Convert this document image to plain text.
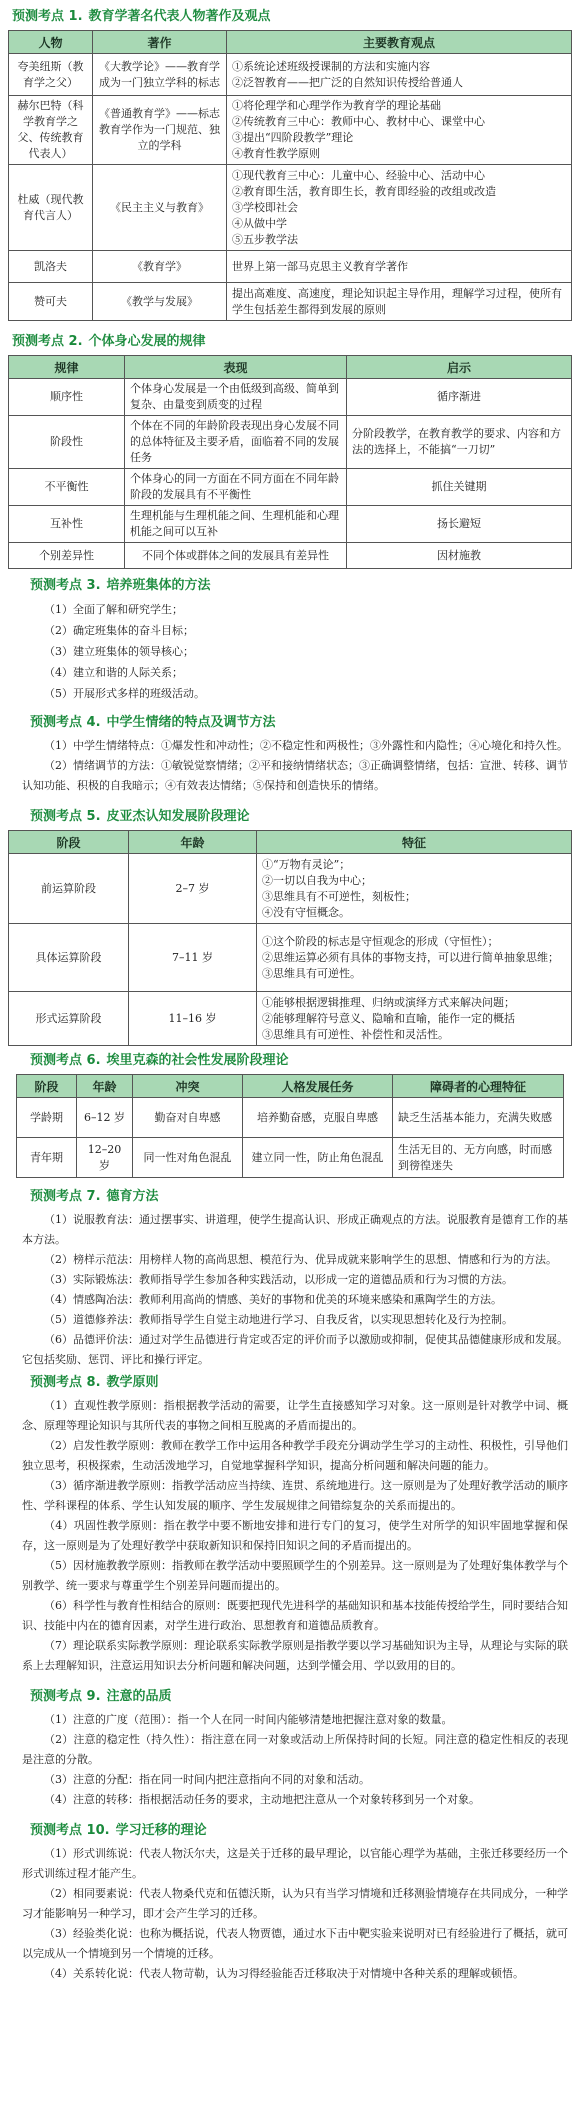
预测考点 1. 教育学著名代表人物著作及观点
人物	著作	主要教育观点
夸美纽斯（教育学之父）	《大教学论》——教育学成为一门独立学科的标志	①系统论述班级授课制的方法和实施内容
②泛智教育——把广泛的自然知识传授给普通人
赫尔巴特（科学教育学之父、传统教育代表人）	《普通教育学》——标志教育学作为一门规范、独立的学科	①将伦理学和心理学作为教育学的理论基础
②传统教育三中心：教师中心、教材中心、课堂中心
③提出“四阶段教学”理论
④教育性教学原则
杜威（现代教育代言人）	《民主主义与教育》	①现代教育三中心：儿童中心、经验中心、活动中心
②教育即生活，教育即生长，教育即经验的改组或改造
③学校即社会
④从做中学
⑤五步教学法
凯洛夫	《教育学》	世界上第一部马克思主义教育学著作
赞可夫	《教学与发展》	提出高难度、高速度，理论知识起主导作用，理解学习过程，使所有学生包括差生都得到发展的原则
预测考点 2. 个体身心发展的规律
规律	表现	启示
顺序性	个体身心发展是一个由低级到高级、简单到复杂、由量变到质变的过程	循序渐进
阶段性	个体在不同的年龄阶段表现出身心发展不同的总体特征及主要矛盾，面临着不同的发展任务	分阶段教学，在教育教学的要求、内容和方法的选择上，不能搞“一刀切”
不平衡性	个体身心的同一方面在不同方面在不同年龄阶段的发展具有不平衡性	抓住关键期
互补性	生理机能与生理机能之间、生理机能和心理机能之间可以互补	扬长避短
个别差异性	不同个体或群体之间的发展具有差异性	因材施教
预测考点 3. 培养班集体的方法

（1）全面了解和研究学生；

（2）确定班集体的奋斗目标；

（3）建立班集体的领导核心；

（4）建立和谐的人际关系；

（5）开展形式多样的班级活动。

预测考点 4. 中学生情绪的特点及调节方法

（1）中学生情绪特点：①爆发性和冲动性；②不稳定性和两极性；③外露性和内隐性；④心境化和持久性。

（2）情绪调节的方法：①敏锐觉察情绪；②平和接纳情绪状态；③正确调整情绪，包括：宣泄、转移、调节认知功能、积极的自我暗示；④有效表达情绪；⑤保持和创造快乐的情绪。

预测考点 5. 皮亚杰认知发展阶段理论
阶段	年龄	特征
前运算阶段	2–7 岁	①“万物有灵论”；
②一切以自我为中心；
③思维具有不可逆性，刻板性；
④没有守恒概念。
具体运算阶段	7–11 岁	①这个阶段的标志是守恒观念的形成（守恒性）；
②思维运算必须有具体的事物支持，可以进行简单抽象思维；
③思维具有可逆性。
形式运算阶段	11–16 岁	①能够根据逻辑推理、归纳或演绎方式来解决问题；
②能够理解符号意义、隐喻和直喻，能作一定的概括
③思维具有可逆性、补偿性和灵活性。
预测考点 6. 埃里克森的社会性发展阶段理论
阶段	年龄	冲突	人格发展任务	障碍者的心理特征
学龄期	6–12 岁	勤奋对自卑感	培养勤奋感，克服自卑感	缺乏生活基本能力，充满失败感
青年期	12–20 岁	同一性对角色混乱	建立同一性，防止角色混乱	生活无目的、无方向感，时而感到徬徨迷失
预测考点 7. 德育方法

（1）说服教育法：通过摆事实、讲道理，使学生提高认识、形成正确观点的方法。说服教育是德育工作的基本方法。

（2）榜样示范法：用榜样人物的高尚思想、模范行为、优异成就来影响学生的思想、情感和行为的方法。

（3）实际锻炼法：教师指导学生参加各种实践活动，以形成一定的道德品质和行为习惯的方法。

（4）情感陶冶法：教师利用高尚的情感、美好的事物和优美的环境来感染和熏陶学生的方法。

（5）道德修养法：教师指导学生自觉主动地进行学习、自我反省，以实现思想转化及行为控制。

（6）品德评价法：通过对学生品德进行肯定或否定的评价而予以激励或抑制，促使其品德健康形成和发展。它包括奖励、惩罚、评比和操行评定。

预测考点 8. 教学原则

（1）直观性教学原则：指根据教学活动的需要，让学生直接感知学习对象。这一原则是针对教学中词、概念、原理等理论知识与其所代表的事物之间相互脱离的矛盾而提出的。

（2）启发性教学原则：教师在教学工作中运用各种教学手段充分调动学生学习的主动性、积极性，引导他们独立思考，积极探索，生动活泼地学习，自觉地掌握科学知识，提高分析问题和解决问题的能力。

（3）循序渐进教学原则：指教学活动应当持续、连贯、系统地进行。这一原则是为了处理好教学活动的顺序性、学科课程的体系、学生认知发展的顺序、学生发展规律之间错综复杂的关系而提出的。

（4）巩固性教学原则：指在教学中要不断地安排和进行专门的复习，使学生对所学的知识牢固地掌握和保存，这一原则是为了处理好教学中获取新知识和保持旧知识之间的矛盾而提出的。

（5）因材施教教学原则：指教师在教学活动中要照顾学生的个别差异。这一原则是为了处理好集体教学与个别教学、统一要求与尊重学生个别差异问题而提出的。

（6）科学性与教育性相结合的原则：既要把现代先进科学的基础知识和基本技能传授给学生，同时要结合知识、技能中内在的德育因素，对学生进行政治、思想教育和道德品质教育。

（7）理论联系实际教学原则：理论联系实际教学原则是指教学要以学习基础知识为主导，从理论与实际的联系上去理解知识，注意运用知识去分析问题和解决问题，达到学懂会用、学以致用的目的。

预测考点 9. 注意的品质

（1）注意的广度（范围）：指一个人在同一时间内能够清楚地把握注意对象的数量。

（2）注意的稳定性（持久性）：指注意在同一对象或活动上所保持时间的长短。同注意的稳定性相反的表现是注意的分散。

（3）注意的分配：指在同一时间内把注意指向不同的对象和活动。

（4）注意的转移：指根据活动任务的要求，主动地把注意从一个对象转移到另一个对象。

预测考点 10. 学习迁移的理论

（1）形式训练说：代表人物沃尔夫，这是关于迁移的最早理论，以官能心理学为基础，主张迁移要经历一个形式训练过程才能产生。

（2）相同要素说：代表人物桑代克和伍德沃斯，认为只有当学习情境和迁移测验情境存在共同成分，一种学习才能影响另一种学习，即才会产生学习的迁移。

（3）经验类化说：也称为概括说，代表人物贾德，通过水下击中靶实验来说明对已有经验进行了概括，就可以完成从一个情境到另一个情境的迁移。

（4）关系转化说：代表人物苛勒，认为习得经验能否迁移取决于对情境中各种关系的理解或顿悟。
